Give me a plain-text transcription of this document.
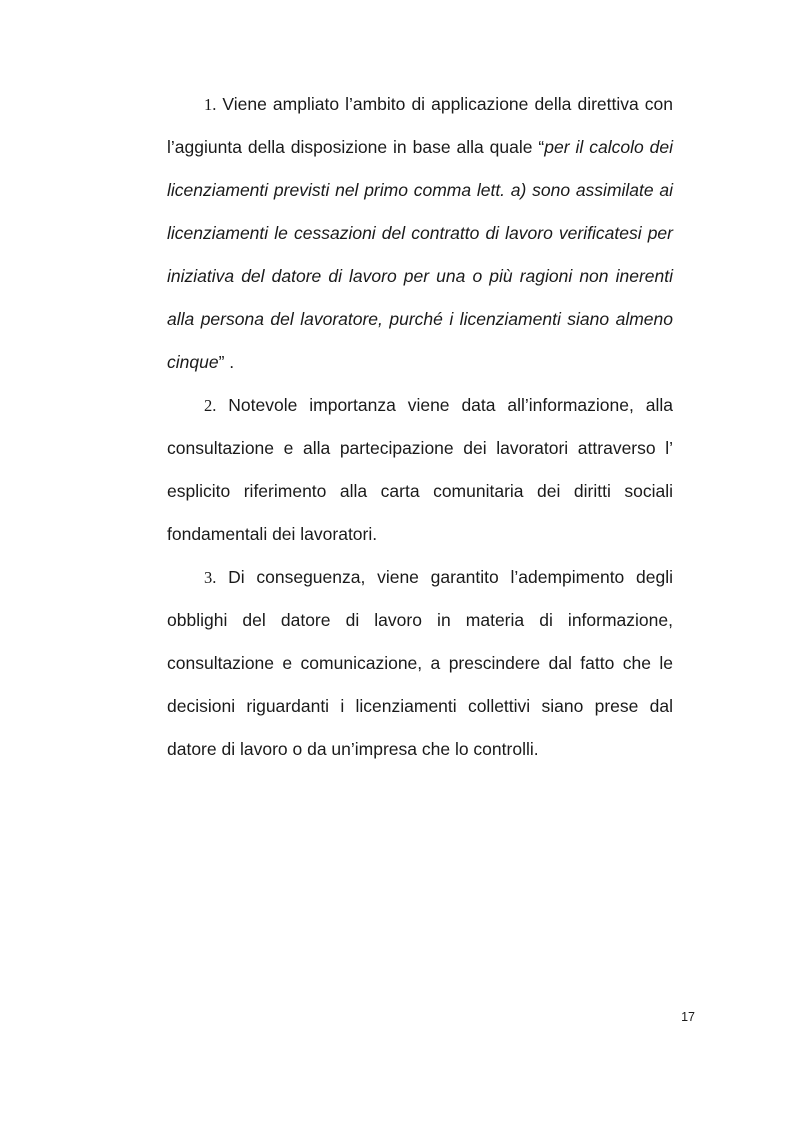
1. Viene ampliato l’ambito di applicazione della direttiva con l’aggiunta della disposizione in base alla quale “per il calcolo dei licenziamenti previsti nel primo comma lett. a) sono assimilate ai licenziamenti le cessazioni del contratto di lavoro verificatesi per iniziativa del datore di lavoro per una o più ragioni non inerenti alla persona del lavoratore, purché i licenziamenti siano almeno cinque” .

2. Notevole importanza viene data all’informazione, alla consultazione e alla partecipazione dei lavoratori attraverso l’ esplicito riferimento alla carta comunitaria dei diritti sociali fondamentali dei lavoratori.

3. Di conseguenza, viene garantito l’adempimento degli obblighi del datore di lavoro in materia di informazione, consultazione e comunicazione, a prescindere dal fatto che le decisioni riguardanti i licenziamenti collettivi siano prese dal datore di lavoro o da un’impresa che lo controlli.

17
